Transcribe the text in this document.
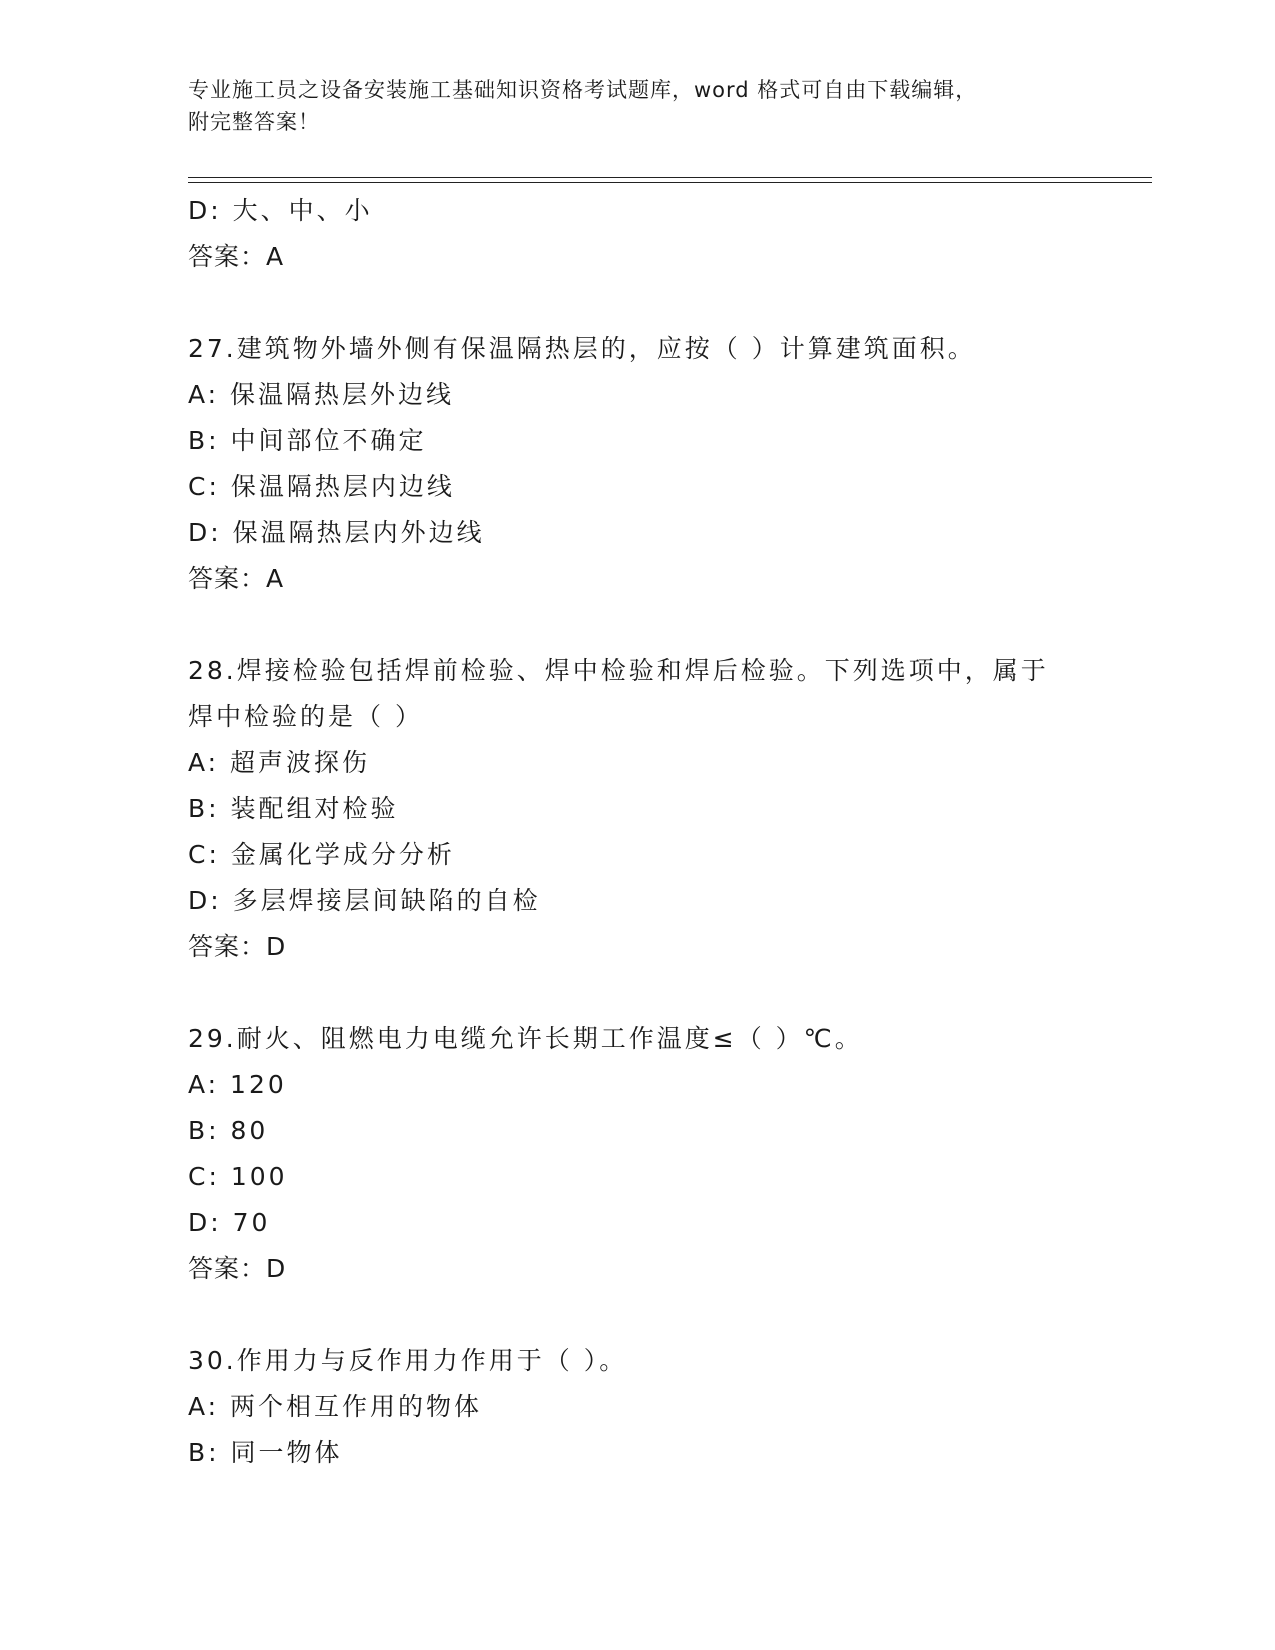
专业施工员之设备安装施工基础知识资格考试题库，word 格式可自由下载编辑，
附完整答案！
D: 大、中、小
答案：A
27.建筑物外墙外侧有保温隔热层的，应按（ ）计算建筑面积。
A: 保温隔热层外边线
B: 中间部位不确定
C: 保温隔热层内边线
D: 保温隔热层内外边线
答案：A
28.焊接检验包括焊前检验、焊中检验和焊后检验。下列选项中，属于
焊中检验的是（ ）
A: 超声波探伤
B: 装配组对检验
C: 金属化学成分分析
D: 多层焊接层间缺陷的自检
答案：D
29.耐火、阻燃电力电缆允许长期工作温度≤（ ）℃。
A: 120
B: 80
C: 100
D: 70
答案：D
30.作用力与反作用力作用于（ ）。
A: 两个相互作用的物体
B: 同一物体
